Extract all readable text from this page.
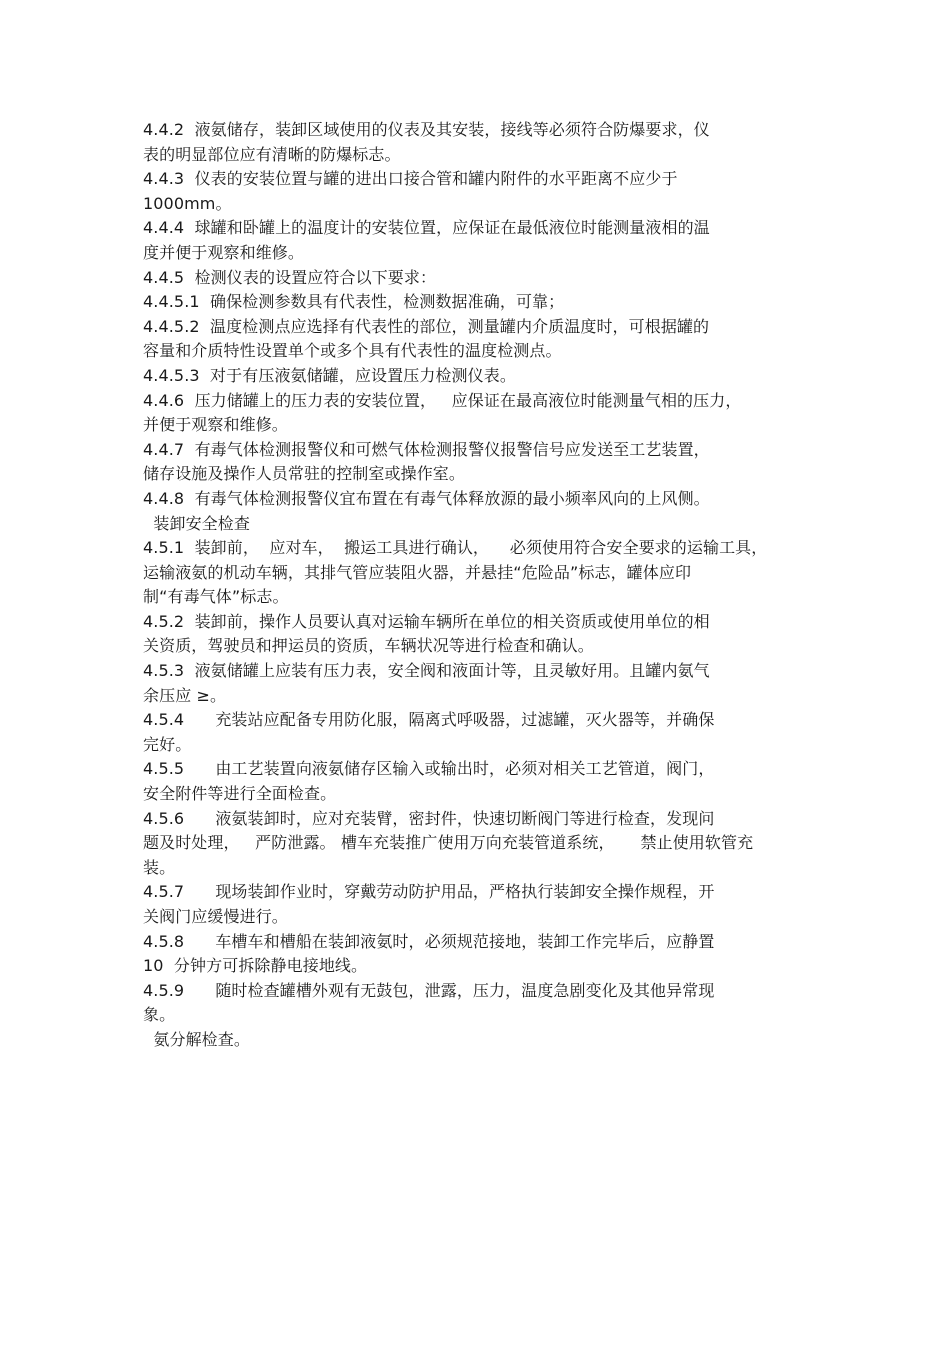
4.4.2  液氨储存，装卸区域使用的仪表及其安装，接线等必须符合防爆要求，仪
表的明显部位应有清晰的防爆标志。
4.4.3  仪表的安装位置与罐的进出口接合管和罐内附件的水平距离不应少于
1000mm。
4.4.4  球罐和卧罐上的温度计的安装位置，应保证在最低液位时能测量液相的温
度并便于观察和维修。
4.4.5  检测仪表的设置应符合以下要求：
4.4.5.1  确保检测参数具有代表性，检测数据准确，可靠；
4.4.5.2  温度检测点应选择有代表性的部位，测量罐内介质温度时，可根据罐的
容量和介质特性设置单个或多个具有代表性的温度检测点。
4.4.5.3  对于有压液氨储罐，应设置压力检测仪表。
4.4.6  压力储罐上的压力表的安装位置，   应保证在最高液位时能测量气相的压力，
并便于观察和维修。
4.4.7  有毒气体检测报警仪和可燃气体检测报警仪报警信号应发送至工艺装置，
储存设施及操作人员常驻的控制室或操作室。
4.4.8  有毒气体检测报警仪宜布置在有毒气体释放源的最小频率风向的上风侧。
装卸安全检查
4.5.1  装卸前，  应对车，  搬运工具进行确认，    必须使用符合安全要求的运输工具，
运输液氨的机动车辆，其排气管应装阻火器，并悬挂“危险品”标志，罐体应印
制“有毒气体”标志。
4.5.2  装卸前，操作人员要认真对运输车辆所在单位的相关资质或使用单位的相
关资质，驾驶员和押运员的资质，车辆状况等进行检查和确认。
4.5.3  液氨储罐上应装有压力表，安全阀和液面计等，且灵敏好用。且罐内氨气
余压应 ≥。
4.5.4      充装站应配备专用防化服，隔离式呼吸器，过滤罐，灭火器等，并确保
完好。
4.5.5      由工艺装置向液氨储存区输入或输出时，必须对相关工艺管道，阀门，
安全附件等进行全面检查。
4.5.6      液氨装卸时，应对充装臂，密封件，快速切断阀门等进行检查，发现问
题及时处理，   严防泄露。 槽车充装推广使用万向充装管道系统，     禁止使用软管充
装。
4.5.7      现场装卸作业时，穿戴劳动防护用品，严格执行装卸安全操作规程，开
关阀门应缓慢进行。
4.5.8      车槽车和槽船在装卸液氨时，必须规范接地，装卸工作完毕后，应静置
10  分钟方可拆除静电接地线。
4.5.9      随时检查罐槽外观有无鼓包，泄露，压力，温度急剧变化及其他异常现
象。
氨分解检查。
